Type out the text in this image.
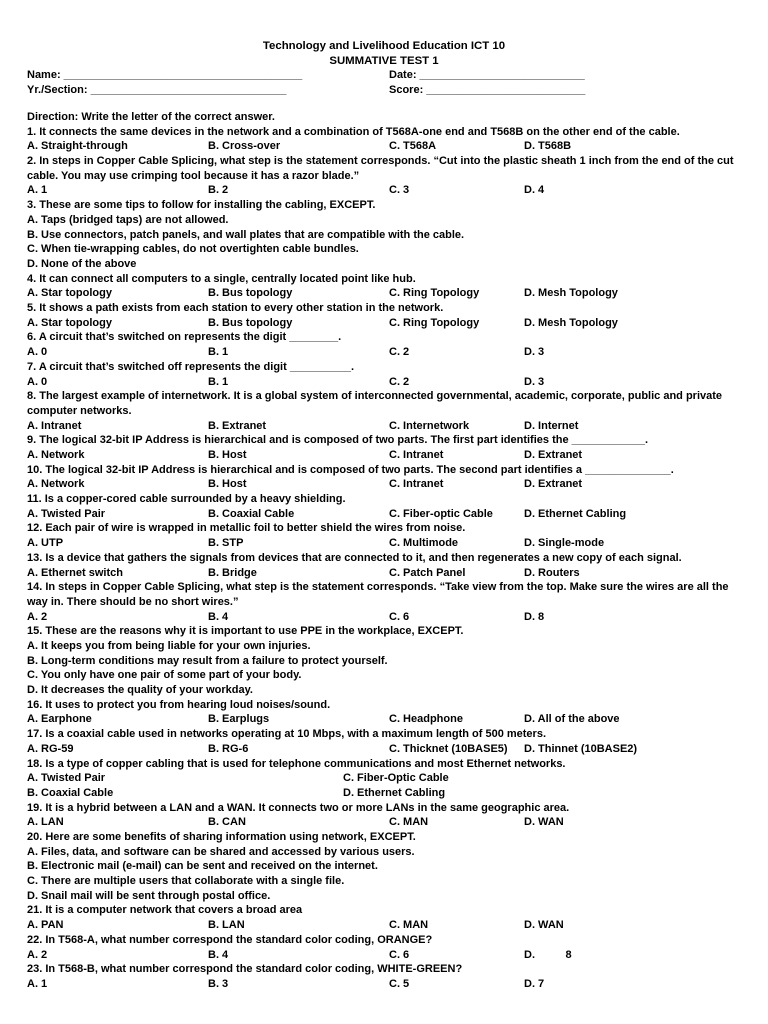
Technology and Livelihood Education ICT 10
SUMMATIVE TEST 1
Name: _______________________________________	Date: ___________________________
Yr./Section: ________________________________	Score: __________________________
Direction: Write the letter of the correct answer.
1. It connects the same devices in the network and a combination of T568A-one end and T568B on the other end of the cable.
A. Straight-through	B. Cross-over	C. T568A	D. T568B
2. In steps in Copper Cable Splicing, what step is the statement corresponds. “Cut into the plastic sheath 1 inch from the end of the cut cable. You may use crimping tool because it has a razor blade.”
A. 1	B. 2	C. 3	D. 4
3. These are some tips to follow for installing the cabling, EXCEPT.
A. Taps (bridged taps) are not allowed.
B. Use connectors, patch panels, and wall plates that are compatible with the cable.
C. When tie-wrapping cables, do not overtighten cable bundles.
D. None of the above
4. It can connect all computers to a single, centrally located point like hub.
A. Star topology	B. Bus topology	C. Ring Topology	D. Mesh Topology
5. It shows a path exists from each station to every other station in the network.
A. Star topology	B. Bus topology	C. Ring Topology	D. Mesh Topology
6. A circuit that’s switched on represents the digit ________.
A. 0	B. 1	C. 2	D. 3
7. A circuit that’s switched off represents the digit __________.
A. 0	B. 1	C. 2	D. 3
8. The largest example of internetwork. It is a global system of interconnected governmental, academic, corporate, public and private computer networks.
A. Intranet	B. Extranet	C. Internetwork	D. Internet
9. The logical 32-bit IP Address is hierarchical and is composed of two parts. The first part identifies the ____________.
A. Network	B. Host	C. Intranet	D. Extranet
10. The logical 32-bit IP Address is hierarchical and is composed of two parts. The second part identifies a ______________.
A. Network	B. Host	C. Intranet	D. Extranet
11. Is a copper-cored cable surrounded by a heavy shielding.
A. Twisted Pair	B. Coaxial Cable	C. Fiber-optic Cable	D. Ethernet Cabling
12. Each pair of wire is wrapped in metallic foil to better shield the wires from noise.
A. UTP	B. STP	C. Multimode	D. Single-mode
13. Is a device that gathers the signals from devices that are connected to it, and then regenerates a new copy of each signal.
A. Ethernet switch	B. Bridge	C. Patch Panel	D. Routers
14. In steps in Copper Cable Splicing, what step is the statement corresponds. “Take view from the top. Make sure the wires are all the way in. There should be no short wires.”
A. 2	B. 4	C. 6	D. 8
15. These are the reasons why it is important to use PPE in the workplace, EXCEPT.
A. It keeps you from being liable for your own injuries.
B. Long-term conditions may result from a failure to protect yourself.
C. You only have one pair of some part of your body.
D. It decreases the quality of your workday.
16. It uses to protect you from hearing loud noises/sound.
A. Earphone	B. Earplugs	C. Headphone	D. All of the above
17. Is a coaxial cable used in networks operating at 10 Mbps, with a maximum length of 500 meters.
A. RG-59	B. RG-6	C. Thicknet (10BASE5) D. Thinnet (10BASE2)
18. Is a type of copper cabling that is used for telephone communications and most Ethernet networks.
A. Twisted Pair	C. Fiber-Optic Cable
B. Coaxial Cable	D. Ethernet Cabling
19. It is a hybrid between a LAN and a WAN. It connects two or more LANs in the same geographic area.
A. LAN	B. CAN	C. MAN	D. WAN
20. Here are some benefits of sharing information using network, EXCEPT.
A. Files, data, and software can be shared and accessed by various users.
B. Electronic mail (e-mail) can be sent and received on the internet.
C. There are multiple users that collaborate with a single file.
D. Snail mail will be sent through postal office.
21. It is a computer network that covers a broad area
A. PAN	B. LAN	C. MAN	D. WAN
22. In T568-A, what number correspond the standard color coding, ORANGE?
A. 2	B. 4	C. 6	D.          8
23. In T568-B, what number correspond the standard color coding, WHITE-GREEN?
A. 1	B. 3	C. 5	D. 7
